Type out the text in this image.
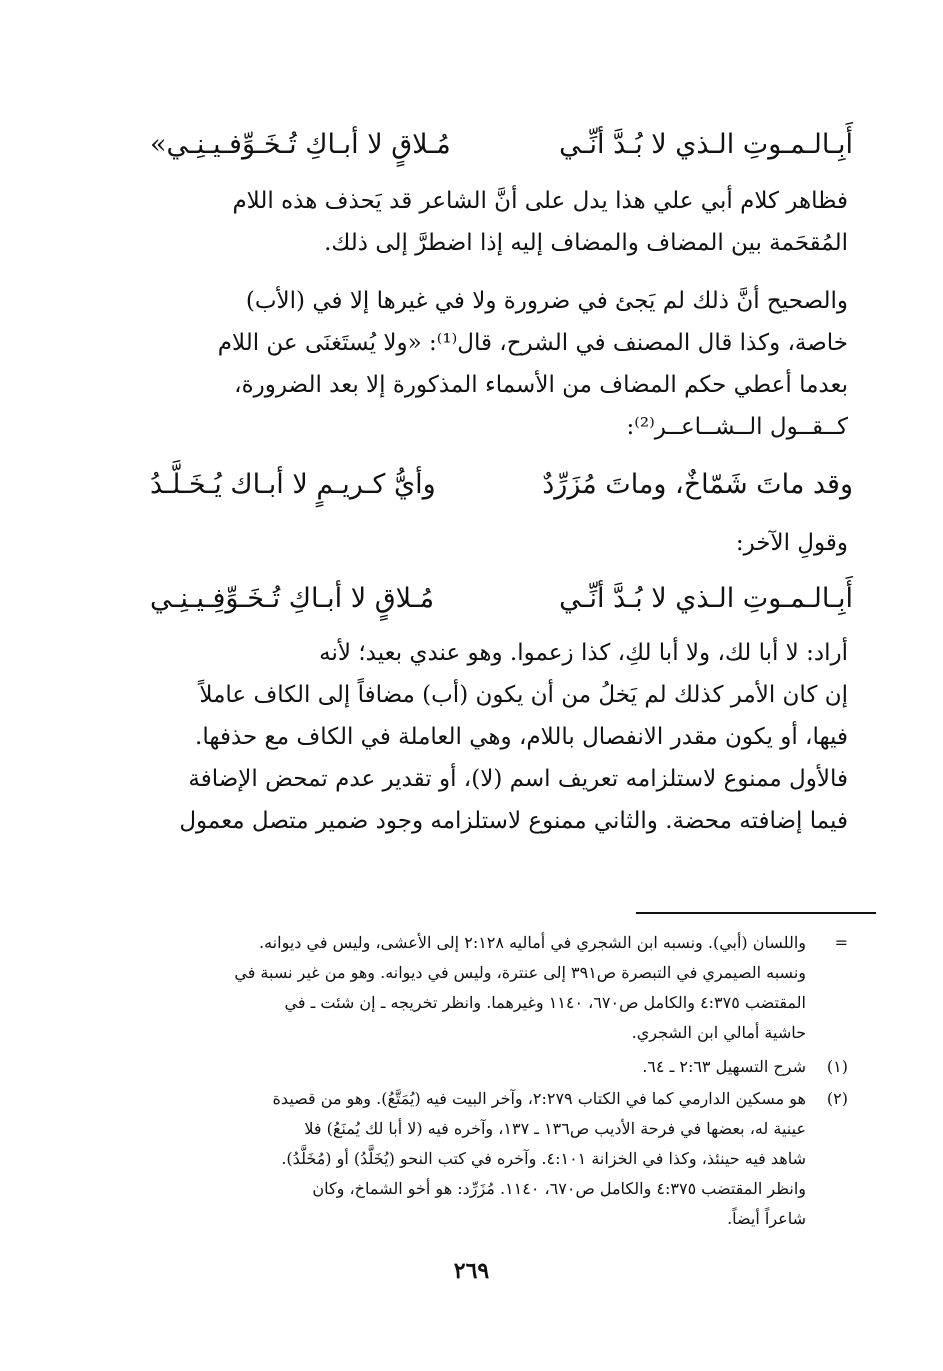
أَبِـالـمـوتِ الـذي لا بُـدَّ أنِّـي
مُـلاقٍ لا أبـاكِ تُـخَـوِّفـيـنِـي»
فظاهر كلام أبي علي هذا يدل على أنَّ الشاعر قد يَحذف هذه اللام
المُقحَمة بين المضاف والمضاف إليه إذا اضطرَّ إلى ذلك.
والصحيح أنَّ ذلك لم يَجئ في ضرورة ولا في غيرها إلا في (الأب)
خاصة، وكذا قال المصنف في الشرح، قال⁽¹⁾: «ولا يُستَغنَى عن اللام
بعدما أعطي حكم المضاف من الأسماء المذكورة إلا بعد الضرورة،
كــقــول الــشــاعــر⁽²⁾:
وقد ماتَ شَمّاخٌ، وماتَ مُزَرِّدٌ
وأيُّ كـريـمٍ لا أبـاك يُـخَـلَّـدُ
وقولِ الآخر:
أَبِـالـمـوتِ الـذي لا بُـدَّ أنِّـي
مُـلاقٍ لا أبـاكِ تُـخَـوِّفِـيـنِـي
أراد: لا أبا لك، ولا أبا لكِ، كذا زعموا. وهو عندي بعيد؛ لأنه
إن كان الأمر كذلك لم يَخلُ من أن يكون (أب) مضافاً إلى الكاف عاملاً
فيها، أو يكون مقدر الانفصال باللام، وهي العاملة في الكاف مع حذفها.
فالأول ممنوع لاستلزامه تعريف اسم (لا)، أو تقدير عدم تمحض الإضافة
فيما إضافته محضة. والثاني ممنوع لاستلزامه وجود ضمير متصل معمول
=
واللسان (أبي). ونسبه ابن الشجري في أماليه ٢:١٢٨ إلى الأعشى، وليس في ديوانه.
ونسبه الصيمري في التبصرة ص٣٩١ إلى عنترة، وليس في ديوانه. وهو من غير نسبة في
المقتضب ٤:٣٧٥ والكامل ص٦٧٠، ١١٤٠ وغيرهما. وانظر تخريجه ـ إن شئت ـ في
حاشية أمالي ابن الشجري.
(١)
شرح التسهيل ٢:٦٣ ـ ٦٤.
(٢)
هو مسكين الدارمي كما في الكتاب ٢:٢٧٩، وآخر البيت فيه (يُمَتَّعُ). وهو من قصيدة
عينية له، بعضها في فرحة الأديب ص١٣٦ ـ ١٣٧، وآخره فيه (لا أبا لك يُمنَعُ) فلا
شاهد فيه حينئذ، وكذا في الخزانة ٤:١٠١. وآخره في كتب النحو (يُخَلَّدُ) أو (مُخَلَّدُ).
وانظر المقتضب ٤:٣٧٥ والكامل ص٦٧٠، ١١٤٠. مُزَرِّد: هو أخو الشماخ، وكان
شاعراً أيضاً.
٢٦٩
